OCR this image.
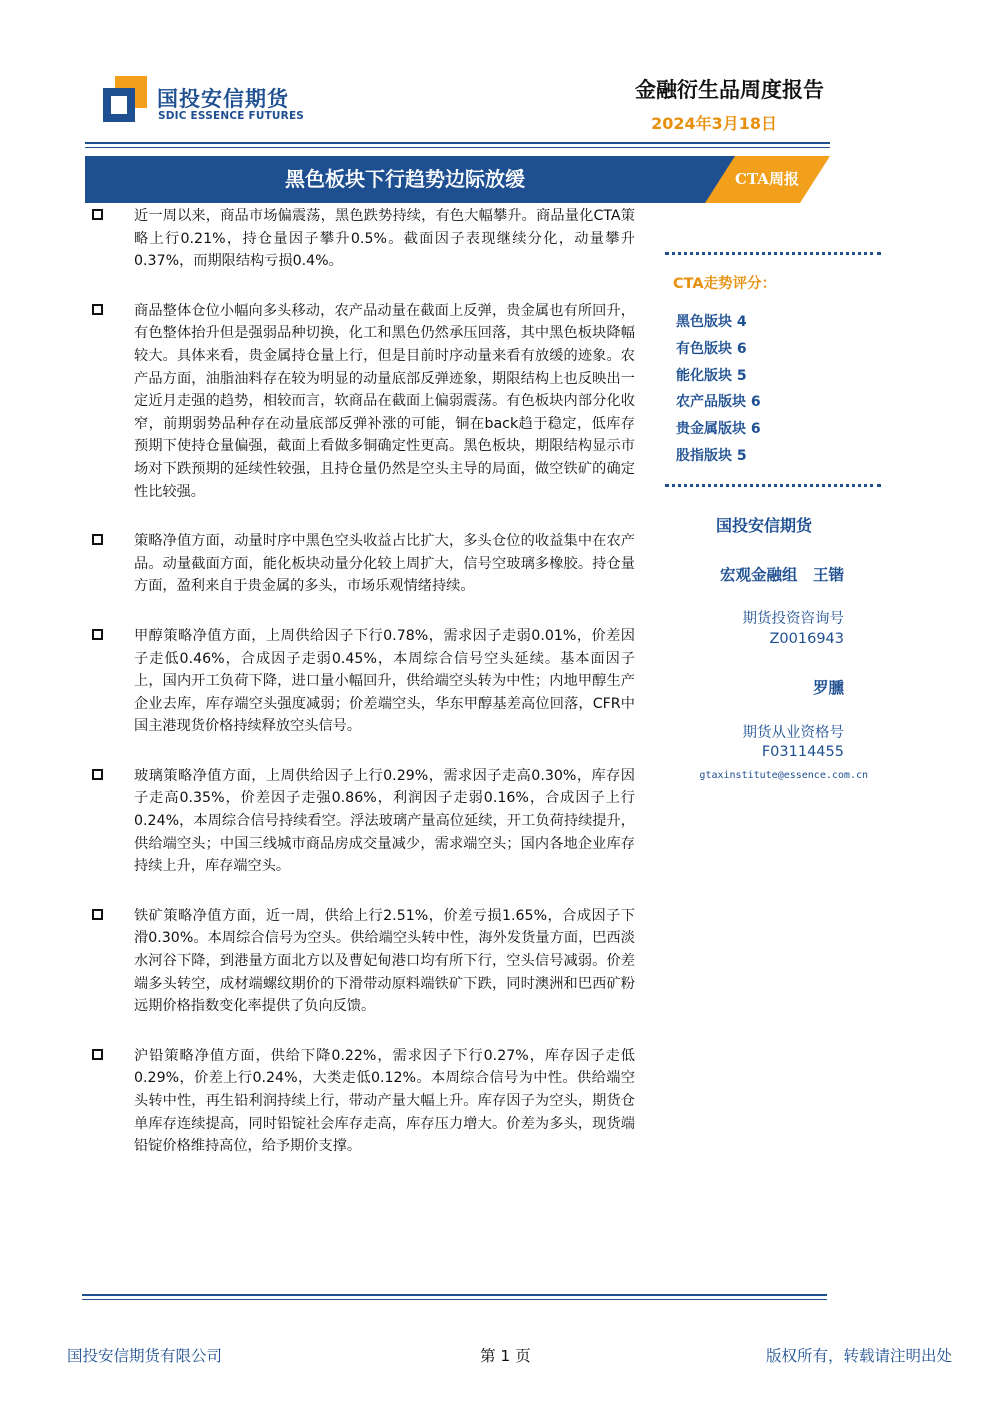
国投安信期货
SDIC ESSENCE FUTURES
金融衍生品周度报告
2024年3月18日
黑色板块下行趋势边际放缓	CTA周报
近一周以来，商品市场偏震荡，黑色跌势持续，有色大幅攀升。商品量化CTA策略上行0.21%，持仓量因子攀升0.5%。截面因子表现继续分化，动量攀升0.37%，而期限结构亏损0.4%。
商品整体仓位小幅向多头移动，农产品动量在截面上反弹，贵金属也有所回升，有色整体抬升但是强弱品种切换，化工和黑色仍然承压回落，其中黑色板块降幅较大。具体来看，贵金属持仓量上行，但是目前时序动量来看有放缓的迹象。农产品方面，油脂油料存在较为明显的动量底部反弹迹象，期限结构上也反映出一定近月走强的趋势，相较而言，软商品在截面上偏弱震荡。有色板块内部分化收窄，前期弱势品种存在动量底部反弹补涨的可能，铜在back趋于稳定，低库存预期下使持仓量偏强，截面上看做多铜确定性更高。黑色板块，期限结构显示市场对下跌预期的延续性较强，且持仓量仍然是空头主导的局面，做空铁矿的确定性比较强。
策略净值方面，动量时序中黑色空头收益占比扩大，多头仓位的收益集中在农产品。动量截面方面，能化板块动量分化较上周扩大，信号空玻璃多橡胶。持仓量方面，盈利来自于贵金属的多头，市场乐观情绪持续。
甲醇策略净值方面，上周供给因子下行0.78%，需求因子走弱0.01%，价差因子走低0.46%，合成因子走弱0.45%，本周综合信号空头延续。基本面因子上，国内开工负荷下降，进口量小幅回升，供给端空头转为中性；内地甲醇生产企业去库，库存端空头强度减弱；价差端空头，华东甲醇基差高位回落，CFR中国主港现货价格持续释放空头信号。
玻璃策略净值方面，上周供给因子上行0.29%，需求因子走高0.30%，库存因子走高0.35%，价差因子走强0.86%，利润因子走弱0.16%，合成因子上行0.24%，本周综合信号持续看空。浮法玻璃产量高位延续，开工负荷持续提升，供给端空头；中国三线城市商品房成交量减少，需求端空头；国内各地企业库存持续上升，库存端空头。
铁矿策略净值方面，近一周，供给上行2.51%，价差亏损1.65%，合成因子下滑0.30%。本周综合信号为空头。供给端空头转中性，海外发货量方面，巴西淡水河谷下降，到港量方面北方以及曹妃甸港口均有所下行，空头信号减弱。价差端多头转空，成材端螺纹期价的下滑带动原料端铁矿下跌，同时澳洲和巴西矿粉远期价格指数变化率提供了负向反馈。
沪铅策略净值方面，供给下降0.22%，需求因子下行0.27%，库存因子走低0.29%，价差上行0.24%，大类走低0.12%。本周综合信号为中性。供给端空头转中性，再生铅利润持续上行，带动产量大幅上升。库存因子为空头，期货仓单库存连续提高，同时铅锭社会库存走高，库存压力增大。价差为多头，现货端铅锭价格维持高位，给予期价支撑。
CTA走势评分：
黑色版块 4
有色版块 6
能化版块 5
农产品版块 6
贵金属版块 6
股指版块 5
国投安信期货
宏观金融组　王锴
期货投资咨询号
Z0016943
罗臐
期货从业资格号
F03114455
gtaxinstitute@essence.com.cn
国投安信期货有限公司	第 1 页	版权所有，转载请注明出处
